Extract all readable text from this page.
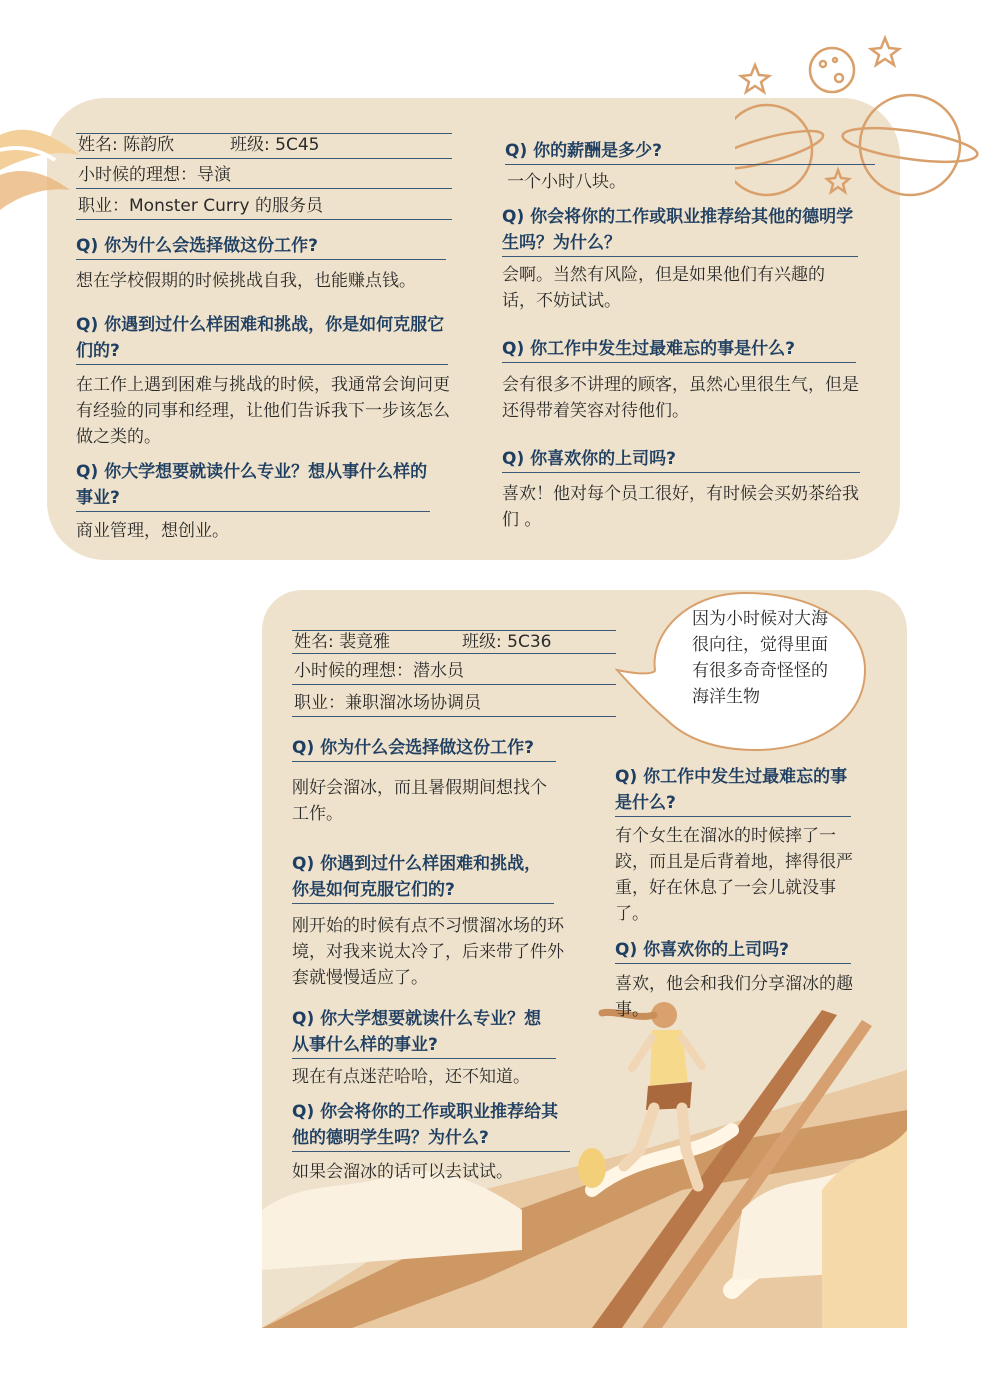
姓名: 陈韵欣	班级: 5C45
小时候的理想：导演
职业：Monster Curry 的服务员
Q) 你为什么会选择做这份工作?
想在学校假期的时候挑战自我，也能赚点钱。
Q) 你遇到过什么样困难和挑战，你是如何克服它们的?
在工作上遇到困难与挑战的时候，我通常会询问更有经验的同事和经理，让他们告诉我下一步该怎么做之类的。
Q) 你大学想要就读什么专业？想从事什么样的事业?
商业管理，想创业。
Q) 你的薪酬是多少?
一个小时八块。
Q) 你会将你的工作或职业推荐给其他的德明学生吗？为什么？
会啊。当然有风险，但是如果他们有兴趣的话，不妨试试。
Q) 你工作中发生过最难忘的事是什么?
会有很多不讲理的顾客，虽然心里很生气，但是还得带着笑容对待他们。
Q) 你喜欢你的上司吗?
喜欢！他对每个员工很好，有时候会买奶茶给我们 。
因为小时候对大海很向往，觉得里面有很多奇奇怪怪的海洋生物
姓名: 裴竟雅	班级: 5C36
小时候的理想：潜水员
职业：兼职溜冰场协调员
Q) 你为什么会选择做这份工作?
刚好会溜冰，而且暑假期间想找个工作。
Q) 你遇到过什么样困难和挑战，你是如何克服它们的?
刚开始的时候有点不习惯溜冰场的环境，对我来说太冷了，后来带了件外套就慢慢适应了。
Q) 你大学想要就读什么专业？想从事什么样的事业?
现在有点迷茫哈哈，还不知道。
Q) 你会将你的工作或职业推荐给其他的德明学生吗？为什么?
如果会溜冰的话可以去试试。
Q) 你工作中发生过最难忘的事是什么?
有个女生在溜冰的时候摔了一跤，而且是后背着地，摔得很严重，好在休息了一会儿就没事了。
Q) 你喜欢你的上司吗?
喜欢，他会和我们分享溜冰的趣事。
